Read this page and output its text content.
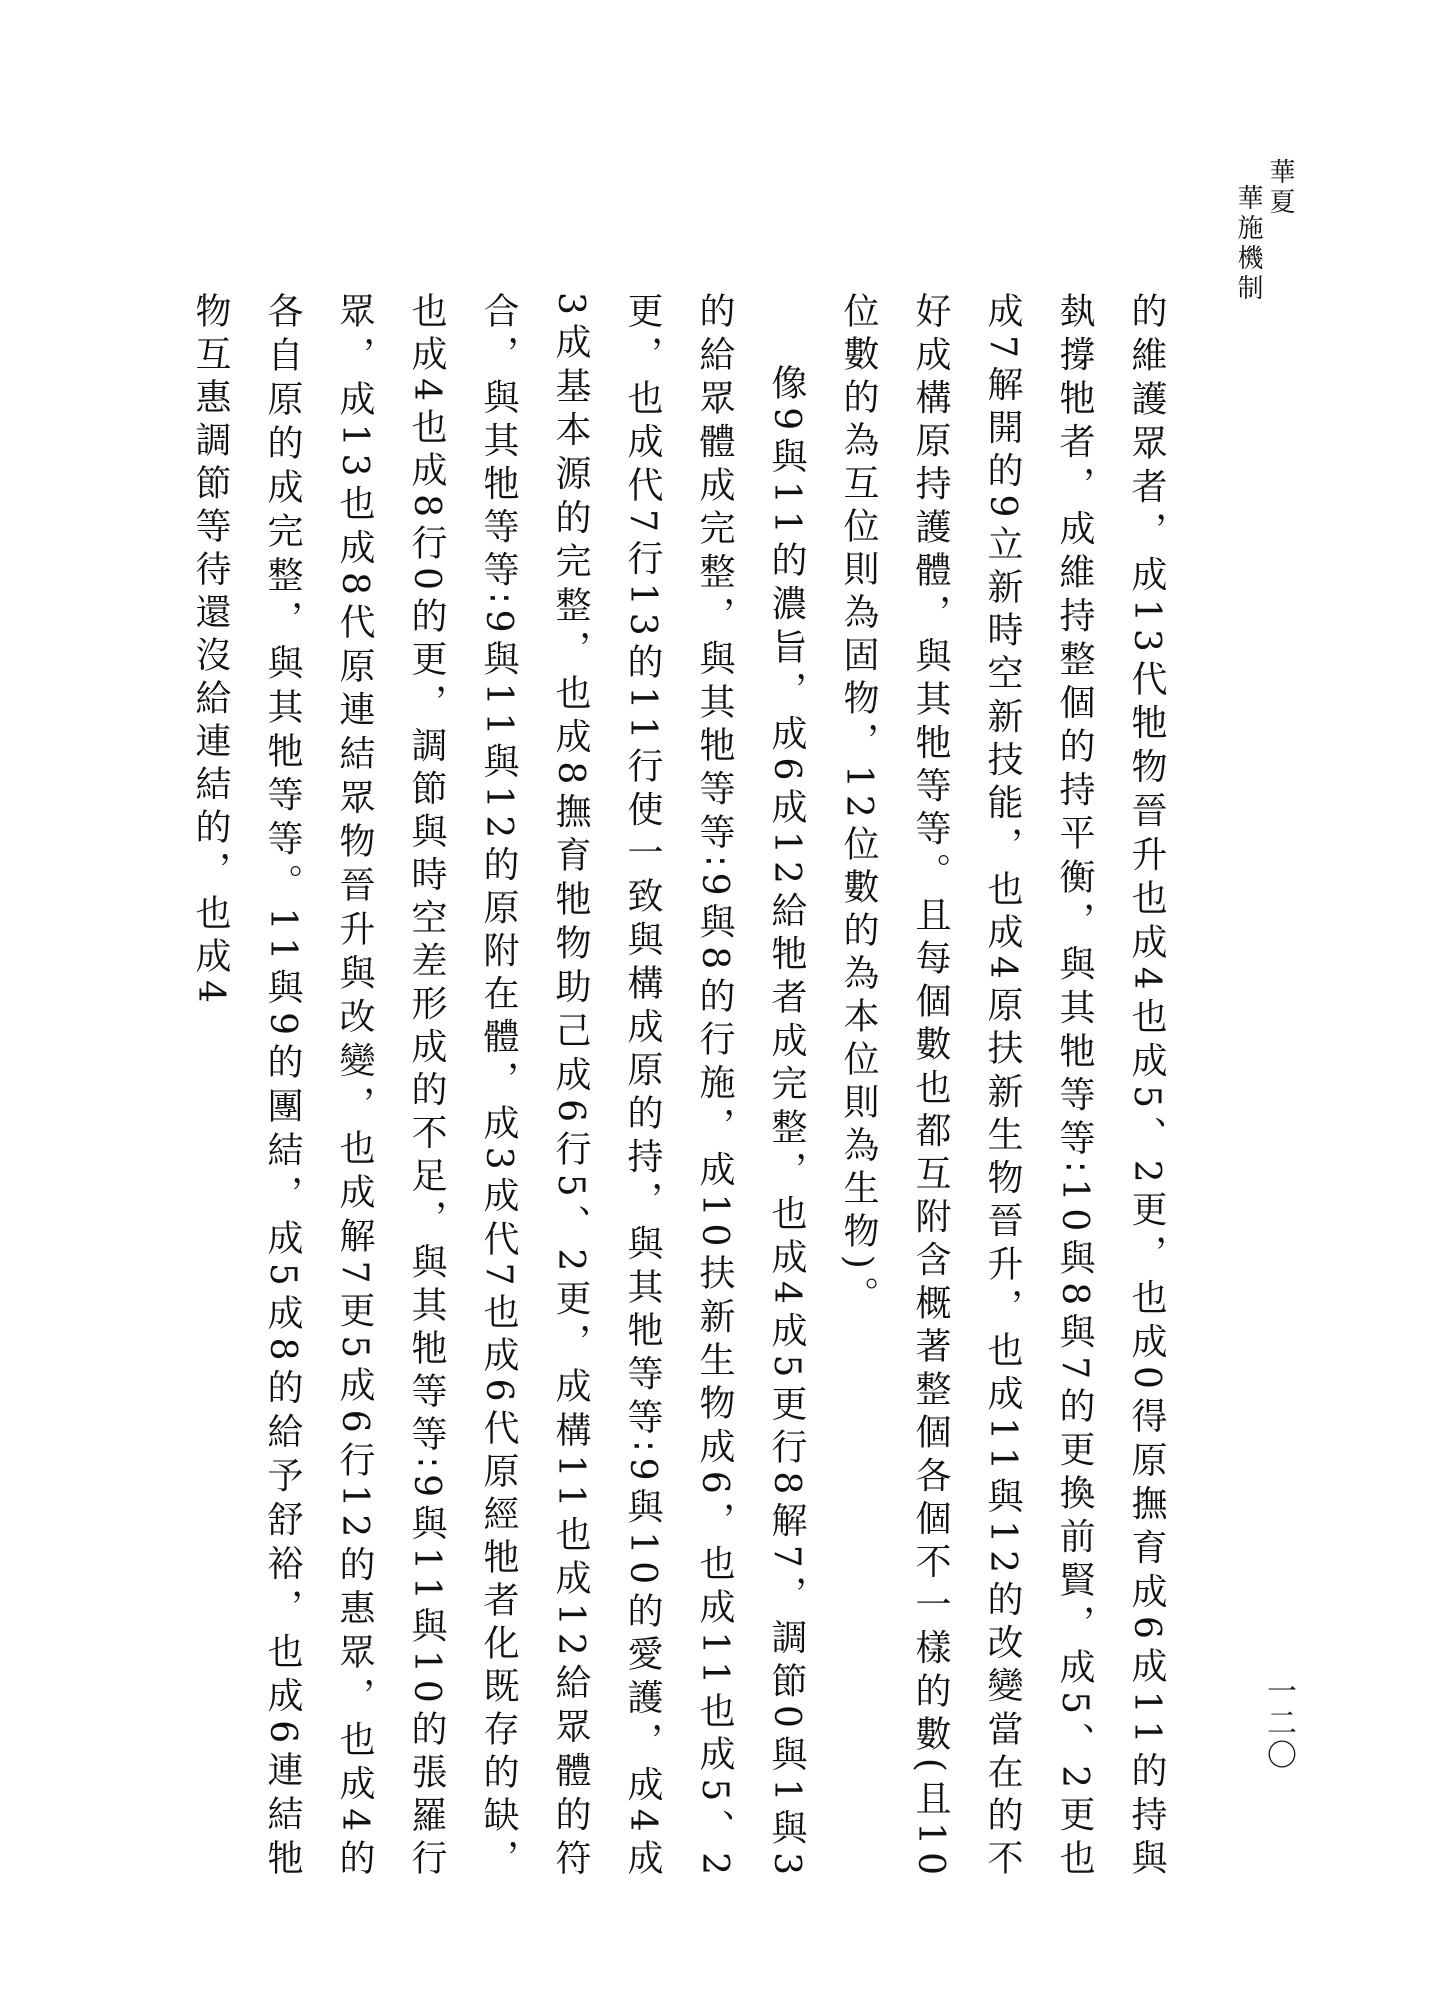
華夏
華施機制
一二〇

的維護眾者，成13代牠物晉升也成4也成5、2更，也成0得原撫育成6成11的持與埶撐牠者，成維持整個的持平衡，與其牠等等∶10與8與7的更換前賢，成5、2更也成7解開的9立新時空新技能，也成4原扶新生物晉升，也成11與12的改變當在的不好成構原持護體，與其牠等等。且每個數也都互附含概著整個各個不一樣的數(且10位數的為互位則為固物，12位數的為本位則為生物)。

像9與11的濃旨，成6成12給牠者成完整，也成4成5更行8解7，調節0與1與3的給眾體成完整，與其牠等等∶9與8的行施，成10扶新生物成6，也成11也成5、2更，也成代7行13的11行使一致與構成原的持，與其牠等等∶9與10的愛護，成4成3成基本源的完整，也成8撫育牠物助己成6行5、2更，成構11也成12給眾體的符合，與其牠等等∶9與11與12的原附在體，成3成代7也成6代原經牠者化既存的缺，也成4也成8行0的更，調節與時空差形成的不足，與其牠等等∶9與11與10的張羅行眾，成13也成8代原連結眾物晉升與改變，也成解7更5成6行12的惠眾，也成4的各自原的成完整，與其牠等等。11與9的團結，成5成8的給予舒裕，也成6連結牠物互惠調節等待還沒給連結的，也成4
